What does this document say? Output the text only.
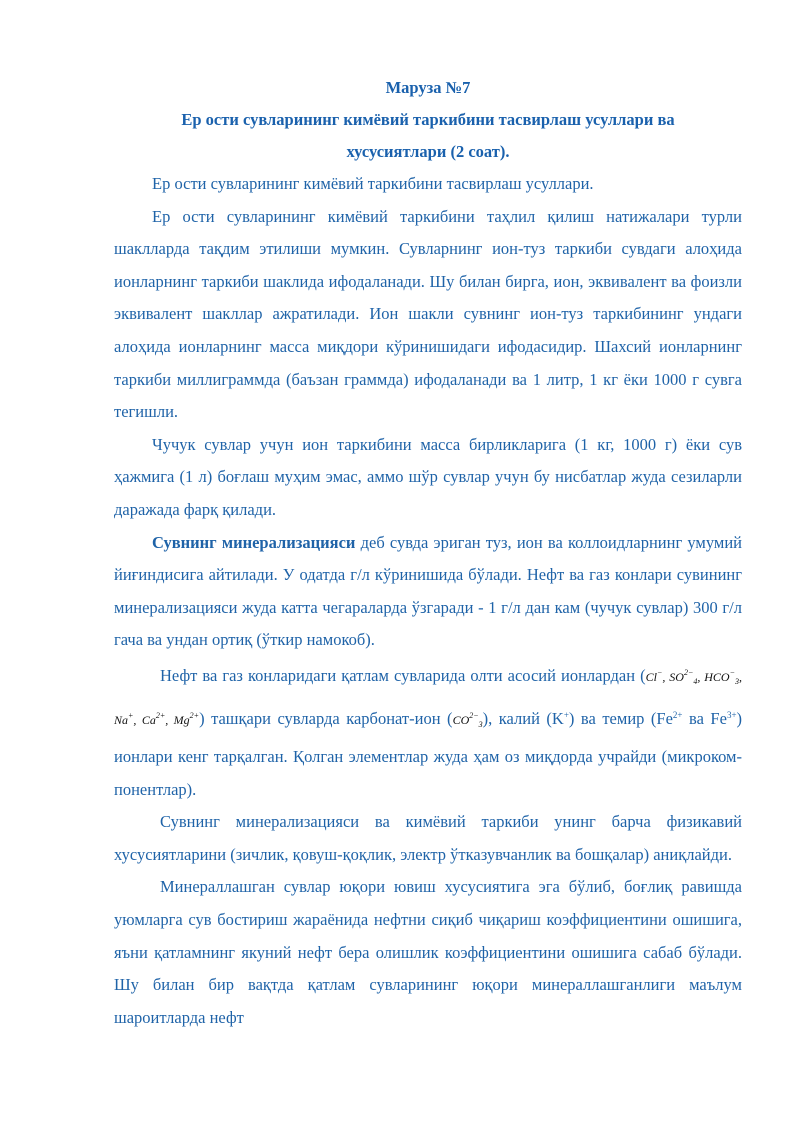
Маруза №7

Ер ости сувларининг кимёвий таркибини тасвирлаш усуллари ва

хусусиятлари (2 соат).

Ер ости сувларининг кимёвий таркибини тасвирлаш усуллари.

Ер ости сувларининг кимёвий таркибини таҳлил қилиш натижалари турли шаклларда тақдим этилиши мумкин. Сувларнинг ион-туз таркиби сувдаги алоҳида ионларнинг таркиби шаклида ифодаланади. Шу билан бирга, ион, эквивалент ва фоизли эквивалент шакллар ажратилади. Ион шакли сувнинг ион-туз таркибининг ундаги алоҳида ионларнинг масса миқдори кўринишидаги ифодасидир. Шахсий ионларнинг таркиби миллиграммда (баъзан граммда) ифодаланади ва 1 литр, 1 кг ёки 1000 г сувга тегишли.

Чучук сувлар учун ион таркибини масса бирликларига (1 кг, 1000 г) ёки сув ҳажмига (1 л) боғлаш муҳим эмас, аммо шўр сувлар учун бу нисбатлар жуда сезиларли даражада фарқ қилади.

Сувнинг минерализацияси деб сувда эриган туз, ион ва коллоидларнинг умумий йиғиндисига айтилади. У одатда г/л кўринишида бўлади. Нефт ва газ конлари сувининг минерализацияси жуда катта чегараларда ўзгаради - 1 г/л дан кам (чучук сувлар) 300 г/л гача ва ундан ортиқ (ўткир намокоб).

Нефт ва газ конларидаги қатлам сувларида олти асосий ионлардан (Cl−, $SO^{2-}_4$, $HCO^-_3$, Na+, $Ca^{2+}$, $Mg^{2+}$) ташқари сувларда карбонат-ион $(CO^{2-}_3)$, калий (K+) ва темир ($Fe^{2+}$ ва $Fe^{3+}$) ионлари кенг тарқалган. Қолган элементлар жуда ҳам оз миқдорда учрайди (микроком-понентлар).

Сувнинг минерализацияси ва кимёвий таркиби унинг барча физикавий хусусиятларини (зичлик, қовуш-қоқлик, электр ўтказувчанлик ва бошқалар) аниқлайди.

Минераллашган сувлар юқори ювиш хусусиятига эга бўлиб, боғлиқ равишда уюмларга сув бостириш жараёнида нефтни сиқиб чиқариш коэффициентини ошишига, яъни қатламнинг якуний нефт бера олишлик коэффициентини ошишига сабаб бўлади. Шу билан бир вақтда қатлам сувларининг юқори минераллашганлиги маълум шароитларда нефт
